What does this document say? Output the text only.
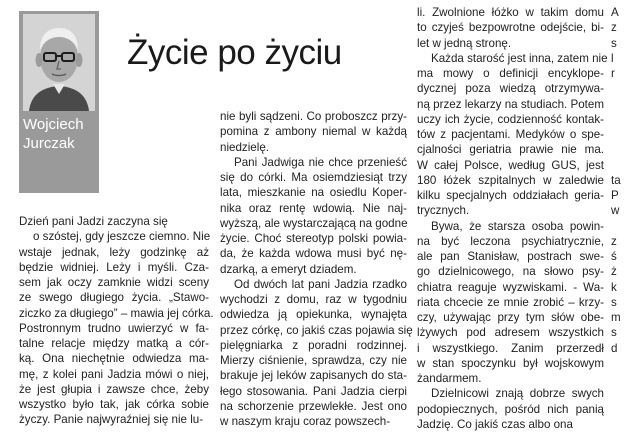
Wojciech
Jurczak
Życie po życiu
Dzień pani Jadzi zaczyna się
o szóstej, gdy jeszcze ciemno. Nie
wstaje jednak, leży godzinkę aż
będzie widniej. Leży i myśli. Cza-
sem jak oczy zamknie widzi sceny
ze swego długiego życia. „Stawo-
ziczko za długiego” – mawia jej córka.
Postronnym trudno uwierzyć w fa-
talne relacje między matką a cór-
ką. Ona niechętnie odwiedza ma-
mę, z kolei pani Jadzia mówi o niej,
że jest głupia i zawsze chce, żeby
wszystko było tak, jak córka sobie
życzy. Panie najwyraźniej się nie lu-
nie byli sądzeni. Co proboszcz przy-
pomina z ambony niemal w każdą
niedzielę.
Pani Jadwiga nie chce przenieść
się do córki. Ma osiemdziesiąt trzy
lata, mieszkanie na osiedlu Koper-
nika oraz rentę wdowią. Nie naj-
wyższą, ale wystarczającą na godne
życie. Choć stereotyp polski powia-
da, że każda wdowa musi być nę-
dzarką, a emeryt dziadem.
Od dwóch lat pani Jadzia rzadko
wychodzi z domu, raz w tygodniu
odwiedza ją opiekunka, wynajęta
przez córkę, co jakiś czas pojawia się
pielęgniarka z poradni rodzinnej.
Mierzy ciśnienie, sprawdza, czy nie
brakuje jej leków zapisanych do sta-
łego stosowania. Pani Jadzia cierpi
na schorzenie przewlekłe. Jest ono
w naszym kraju coraz powszech-
li. Zwolnione łóżko w takim domu
to czyjeś bezpowrotne odejście, bi-
let w jedną stronę.
Każda starość jest inna, zatem nie
ma mowy o definicji encyklope-
dycznej poza wiedzą otrzymywa-
ną przez lekarzy na studiach. Potem
uczy ich życie, codzienność kontak-
tów z pacjentami. Medyków o spe-
cjalności geriatria prawie nie ma.
W całej Polsce, według GUS, jest
180 łóżek szpitalnych w zaledwie
kilku specjalnych oddziałach geria-
trycznych.
Bywa, że starsza osoba powin-
na być leczona psychiatrycznie,
ale pan Stanisław, postrach swe-
go dzielnicowego, na słowo psy-
chiatra reaguje wyzwiskami. - Wa-
riata chcecie ze mnie zrobić – krzy-
czy, używając przy tym słów obe-
lżywych pod adresem wszystkich
i wszystkiego. Zanim przerzedł
w stan spoczynku był wojskowym
żandarmem.
Dzielnicowi znają dobrze swych
podopiecznych, pośród nich panią
Jadzię. Co jakiś czas albo ona
A
z
s
l
r

ta
P
w

z
ś
ż
k
s
m
s
d
